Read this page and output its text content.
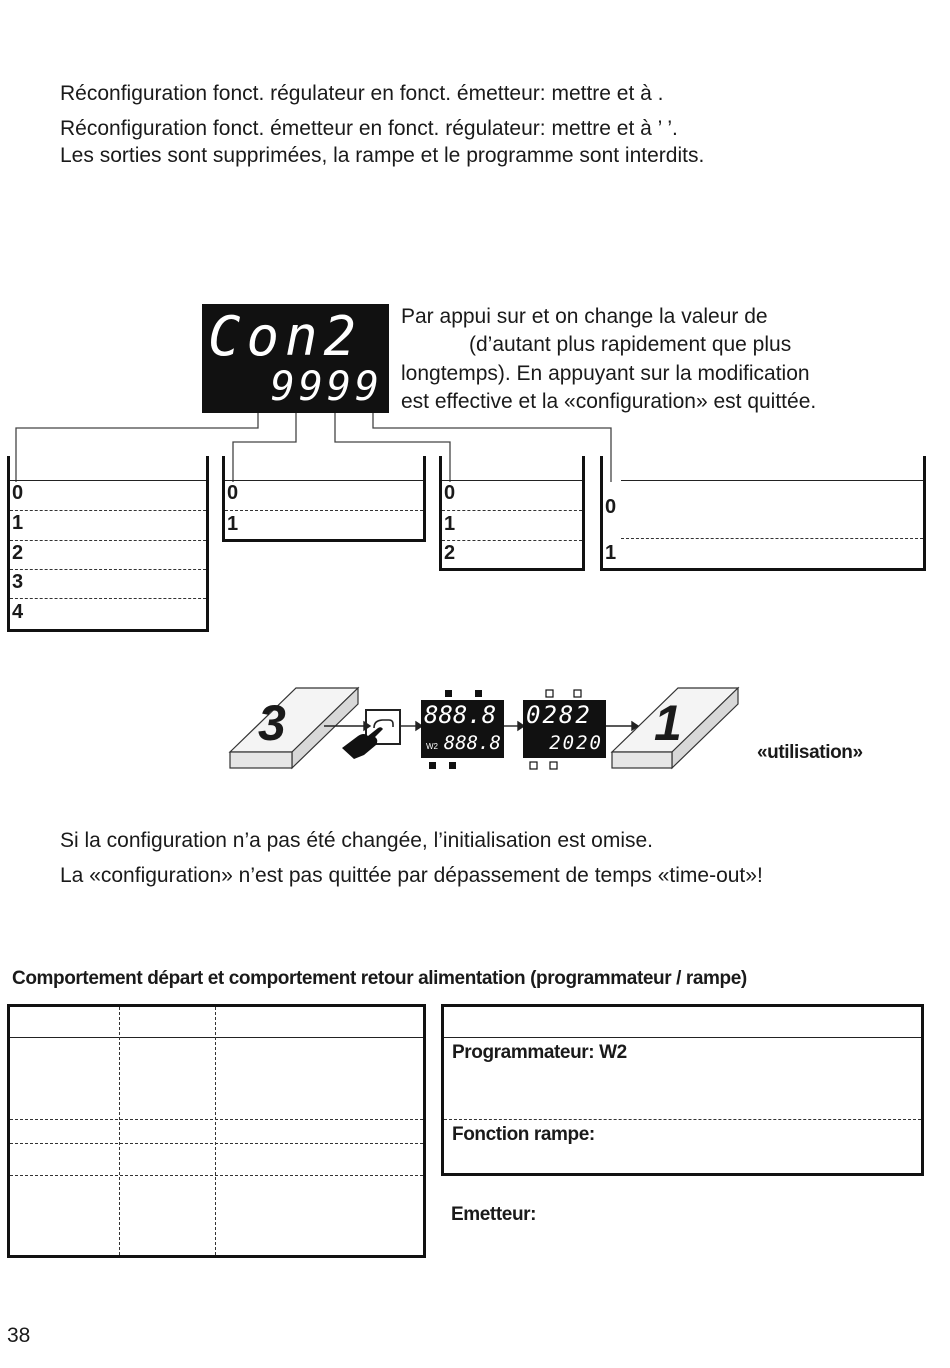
Réconfiguration fonct. régulateur en fonct. émetteur: mettre et à .
Réconfiguration fonct. émetteur en fonct. régulateur: mettre et à ’ ’.
Les sorties sont supprimées, la rampe et le programme sont interdits.
Con2
9999
Par appui sur et on change la valeur de
(d’autant plus rapidement que plus
longtemps). En appuyant sur la modification
est effective et la «configuration» est quittée.
0
1
2
3
4
0
1
0
1
2
0
1
3	1
888.8
W2 888.8
0282
2020	«utilisation»
Si la configuration n’a pas été changée, l’initialisation est omise.
La «configuration» n’est pas quittée par dépassement de temps «time-out»!
Comportement départ et comportement retour alimentation (programmateur / rampe)
Programmateur: W2
Fonction rampe:
Emetteur:
38
